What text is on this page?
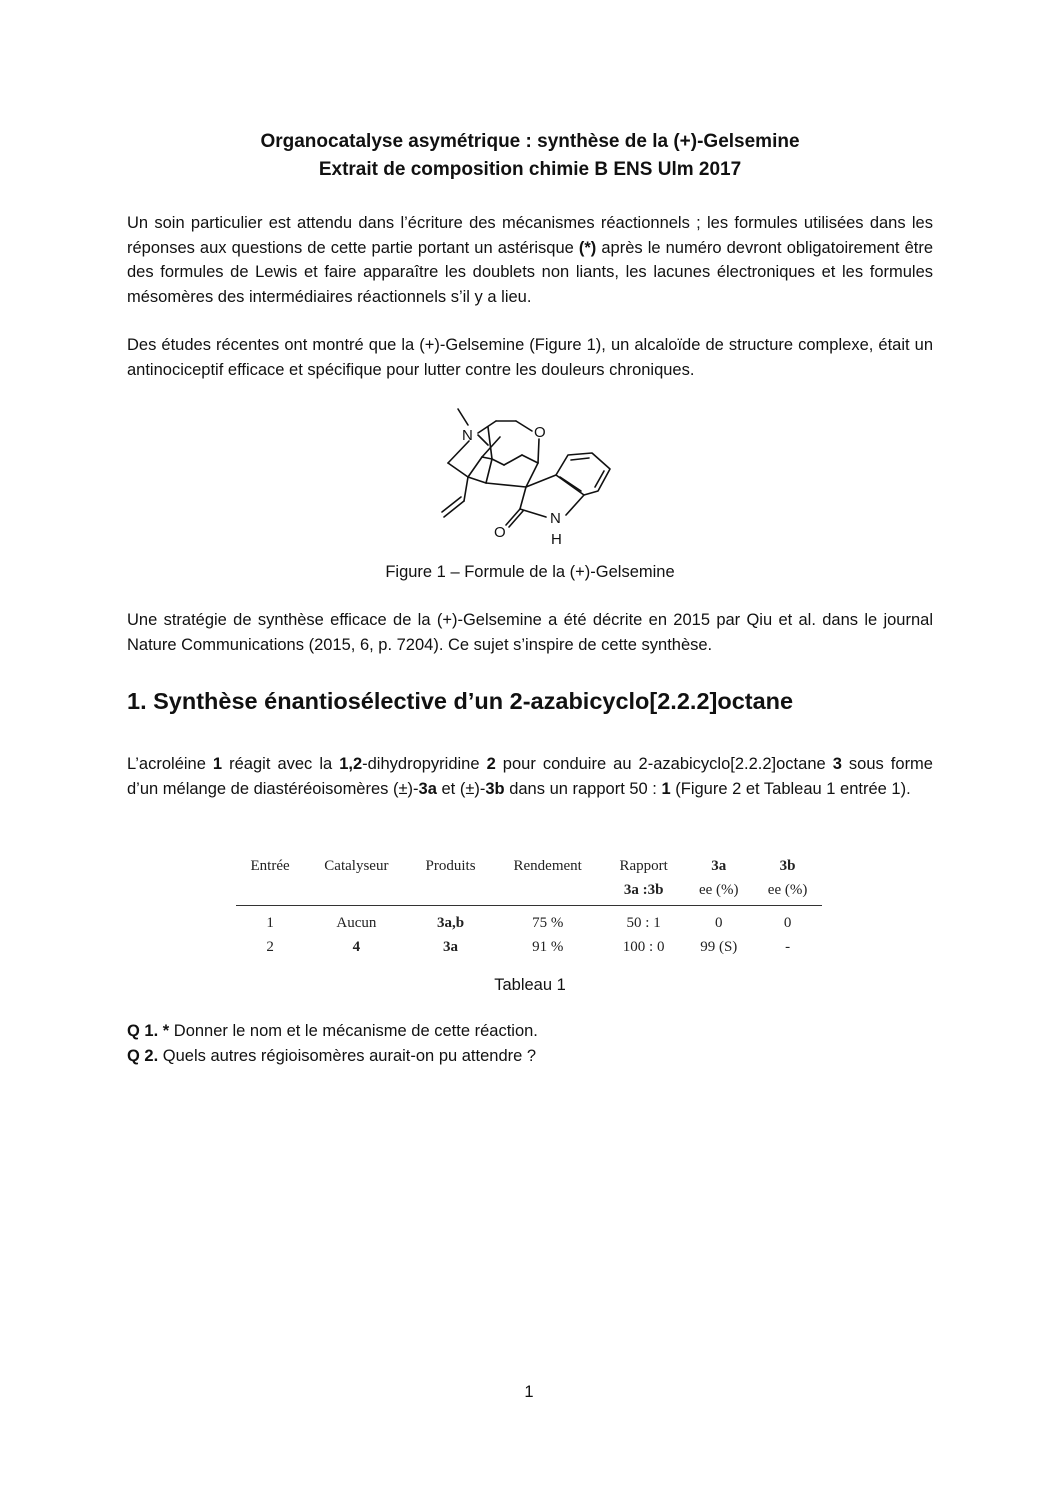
Organocatalyse asymétrique : synthèse de la (+)-Gelsemine
Extrait de composition chimie B ENS Ulm 2017
Un soin particulier est attendu dans l’écriture des mécanismes réactionnels ; les formules utilisées dans les réponses aux questions de cette partie portant un astérisque (*) après le numéro devront obligatoirement être des formules de Lewis et faire apparaître les doublets non liants, les lacunes électroniques et les formules mésomères des intermédiaires réactionnels s’il y a lieu.
Des études récentes ont montré que la (+)-Gelsemine (Figure 1), un alcaloïde de structure complexe, était un antinociceptif efficace et spécifique pour lutter contre les douleurs chroniques.
N	O
O
N
H
Figure 1 – Formule de la (+)-Gelsemine
Une stratégie de synthèse efficace de la (+)-Gelsemine a été décrite en 2015 par Qiu et al. dans le journal Nature Communications (2015, 6, p. 7204). Ce sujet s’inspire de cette synthèse.
1. Synthèse énantiosélective d’un 2-azabicyclo[2.2.2]octane
L’acroléine 1 réagit avec la 1,2-dihydropyridine 2 pour conduire au 2-azabicyclo[2.2.2]octane 3 sous forme d’un mélange de diastéréoisomères (±)-3a et (±)-3b dans un rapport 50 : 1 (Figure 2 et Tableau 1 entrée 1).
Entrée	Catalyseur	Produits	Rendement	Rapport	3a	3b
				3a :3b	ee (%)	ee (%)
1	Aucun	3a,b	75 %	50 : 1	0	0
2	4	3a	91 %	100 : 0	99 (S)	-
Tableau 1
Q 1. * Donner le nom et le mécanisme de cette réaction.
Q 2. Quels autres régioisomères aurait-on pu attendre ?
1
